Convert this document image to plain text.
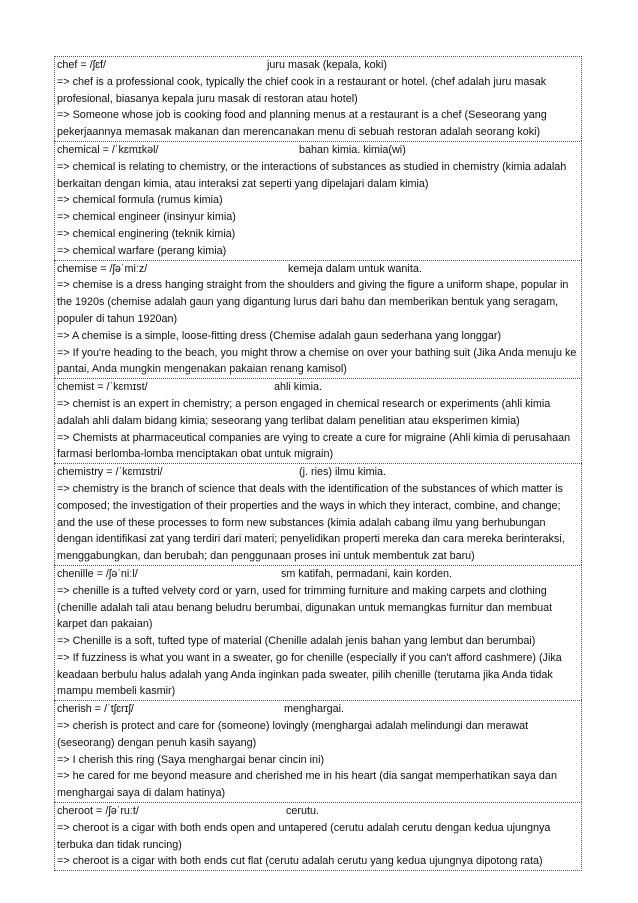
chef = /ʃɛf/	juru masak (kepala, koki)
=> chef is a professional cook, typically the chief cook in a restaurant or hotel. (chef adalah juru masak profesional, biasanya kepala juru masak di restoran atau hotel)
=> Someone whose job is cooking food and planning menus at a restaurant is a chef (Seseorang yang pekerjaannya memasak makanan dan merencanakan menu di sebuah restoran adalah seorang koki)
chemical = /ˈkɛmɪkəl/	bahan kimia. kimia(wi)
=> chemical is relating to chemistry, or the interactions of substances as studied in chemistry (kimia adalah berkaitan dengan kimia, atau interaksi zat seperti yang dipelajari dalam kimia)
=> chemical formula (rumus kimia)
=> chemical engineer (insinyur kimia)
=> chemical enginering (teknik kimia)
=> chemical warfare (perang kimia)
chemise = /ʃəˈmiːz/	kemeja dalam untuk wanita.
=> chemise is a dress hanging straight from the shoulders and giving the figure a uniform shape, popular in the 1920s (chemise adalah gaun yang digantung lurus dari bahu dan memberikan bentuk yang seragam, populer di tahun 1920an)
=> A chemise is a simple, loose-fitting dress (Chemise adalah gaun sederhana yang longgar)
=> If you're heading to the beach, you might throw a chemise on over your bathing suit (Jika Anda menuju ke pantai, Anda mungkin mengenakan pakaian renang kamisol)
chemist = /ˈkɛmɪst/	ahli kimia.
=> chemist is an expert in chemistry; a person engaged in chemical research or experiments (ahli kimia adalah ahli dalam bidang kimia; seseorang yang terlibat dalam penelitian atau eksperimen kimia)
=> Chemists at pharmaceutical companies are vying to create a cure for migraine (Ahli kimia di perusahaan farmasi berlomba-lomba menciptakan obat untuk migrain)
chemistry = /ˈkɛmɪstri/	(j. ries) ilmu kimia.
=> chemistry is the branch of science that deals with the identification of the substances of which matter is composed; the investigation of their properties and the ways in which they interact, combine, and change; and the use of these processes to form new substances (kimia adalah cabang ilmu yang berhubungan dengan identifikasi zat yang terdiri dari materi; penyelidikan properti mereka dan cara mereka berinteraksi, menggabungkan, dan berubah; dan penggunaan proses ini untuk membentuk zat baru)
chenille = /ʃəˈniːl/	sm katifah, permadani, kain korden.
=> chenille is a tufted velvety cord or yarn, used for trimming furniture and making carpets and clothing (chenille adalah tali atau benang beludru berumbai, digunakan untuk memangkas furnitur dan membuat karpet dan pakaian)
=> Chenille is a soft, tufted type of material (Chenille adalah jenis bahan yang lembut dan berumbai)
=> If fuzziness is what you want in a sweater, go for chenille (especially if you can't afford cashmere) (Jika keadaan berbulu halus adalah yang Anda inginkan pada sweater, pilih chenille (terutama jika Anda tidak mampu membeli kasmir)
cherish = /ˈtʃɛrɪʃ/	menghargai.
=> cherish is protect and care for (someone) lovingly (menghargai adalah melindungi dan merawat (seseorang) dengan penuh kasih sayang)
=> I cherish this ring (Saya menghargai benar cincin ini)
=> he cared for me beyond measure and cherished me in his heart (dia sangat memperhatikan saya dan menghargai saya di dalam hatinya)
cheroot = /ʃəˈruːt/	cerutu.
=> cheroot is a cigar with both ends open and untapered (cerutu adalah cerutu dengan kedua ujungnya terbuka dan tidak runcing)
=> cheroot is a cigar with both ends cut flat (cerutu adalah cerutu yang kedua ujungnya dipotong rata)
